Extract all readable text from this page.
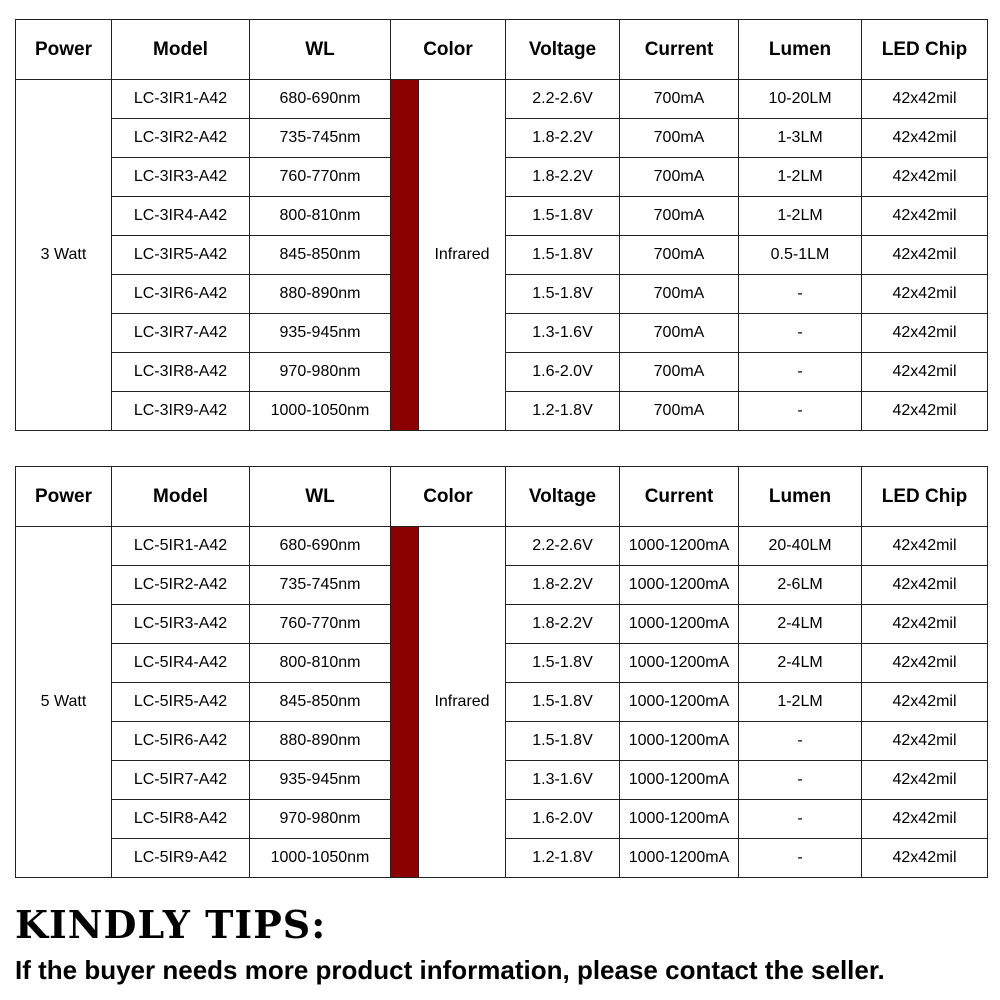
Power	Model	WL	Color		Voltage	Current	Lumen	LED Chip
3 Watt	LC-3IR1-A42	680-690nm		Infrared	2.2-2.6V	700mA	10-20LM	42x42mil
	LC-3IR2-A42	735-745nm			1.8-2.2V	700mA	1-3LM	42x42mil
	LC-3IR3-A42	760-770nm			1.8-2.2V	700mA	1-2LM	42x42mil
	LC-3IR4-A42	800-810nm			1.5-1.8V	700mA	1-2LM	42x42mil
	LC-3IR5-A42	845-850nm			1.5-1.8V	700mA	0.5-1LM	42x42mil
	LC-3IR6-A42	880-890nm			1.5-1.8V	700mA	-	42x42mil
	LC-3IR7-A42	935-945nm			1.3-1.6V	700mA	-	42x42mil
	LC-3IR8-A42	970-980nm			1.6-2.0V	700mA	-	42x42mil
	LC-3IR9-A42	1000-1050nm			1.2-1.8V	700mA	-	42x42mil
Power	Model	WL	Color		Voltage	Current	Lumen	LED Chip
5 Watt	LC-5IR1-A42	680-690nm		Infrared	2.2-2.6V	1000-1200mA	20-40LM	42x42mil
	LC-5IR2-A42	735-745nm			1.8-2.2V	1000-1200mA	2-6LM	42x42mil
	LC-5IR3-A42	760-770nm			1.8-2.2V	1000-1200mA	2-4LM	42x42mil
	LC-5IR4-A42	800-810nm			1.5-1.8V	1000-1200mA	2-4LM	42x42mil
	LC-5IR5-A42	845-850nm			1.5-1.8V	1000-1200mA	1-2LM	42x42mil
	LC-5IR6-A42	880-890nm			1.5-1.8V	1000-1200mA	-	42x42mil
	LC-5IR7-A42	935-945nm			1.3-1.6V	1000-1200mA	-	42x42mil
	LC-5IR8-A42	970-980nm			1.6-2.0V	1000-1200mA	-	42x42mil
	LC-5IR9-A42	1000-1050nm			1.2-1.8V	1000-1200mA	-	42x42mil
KINDLY TIPS:
If the buyer needs more product information, please contact the seller.
